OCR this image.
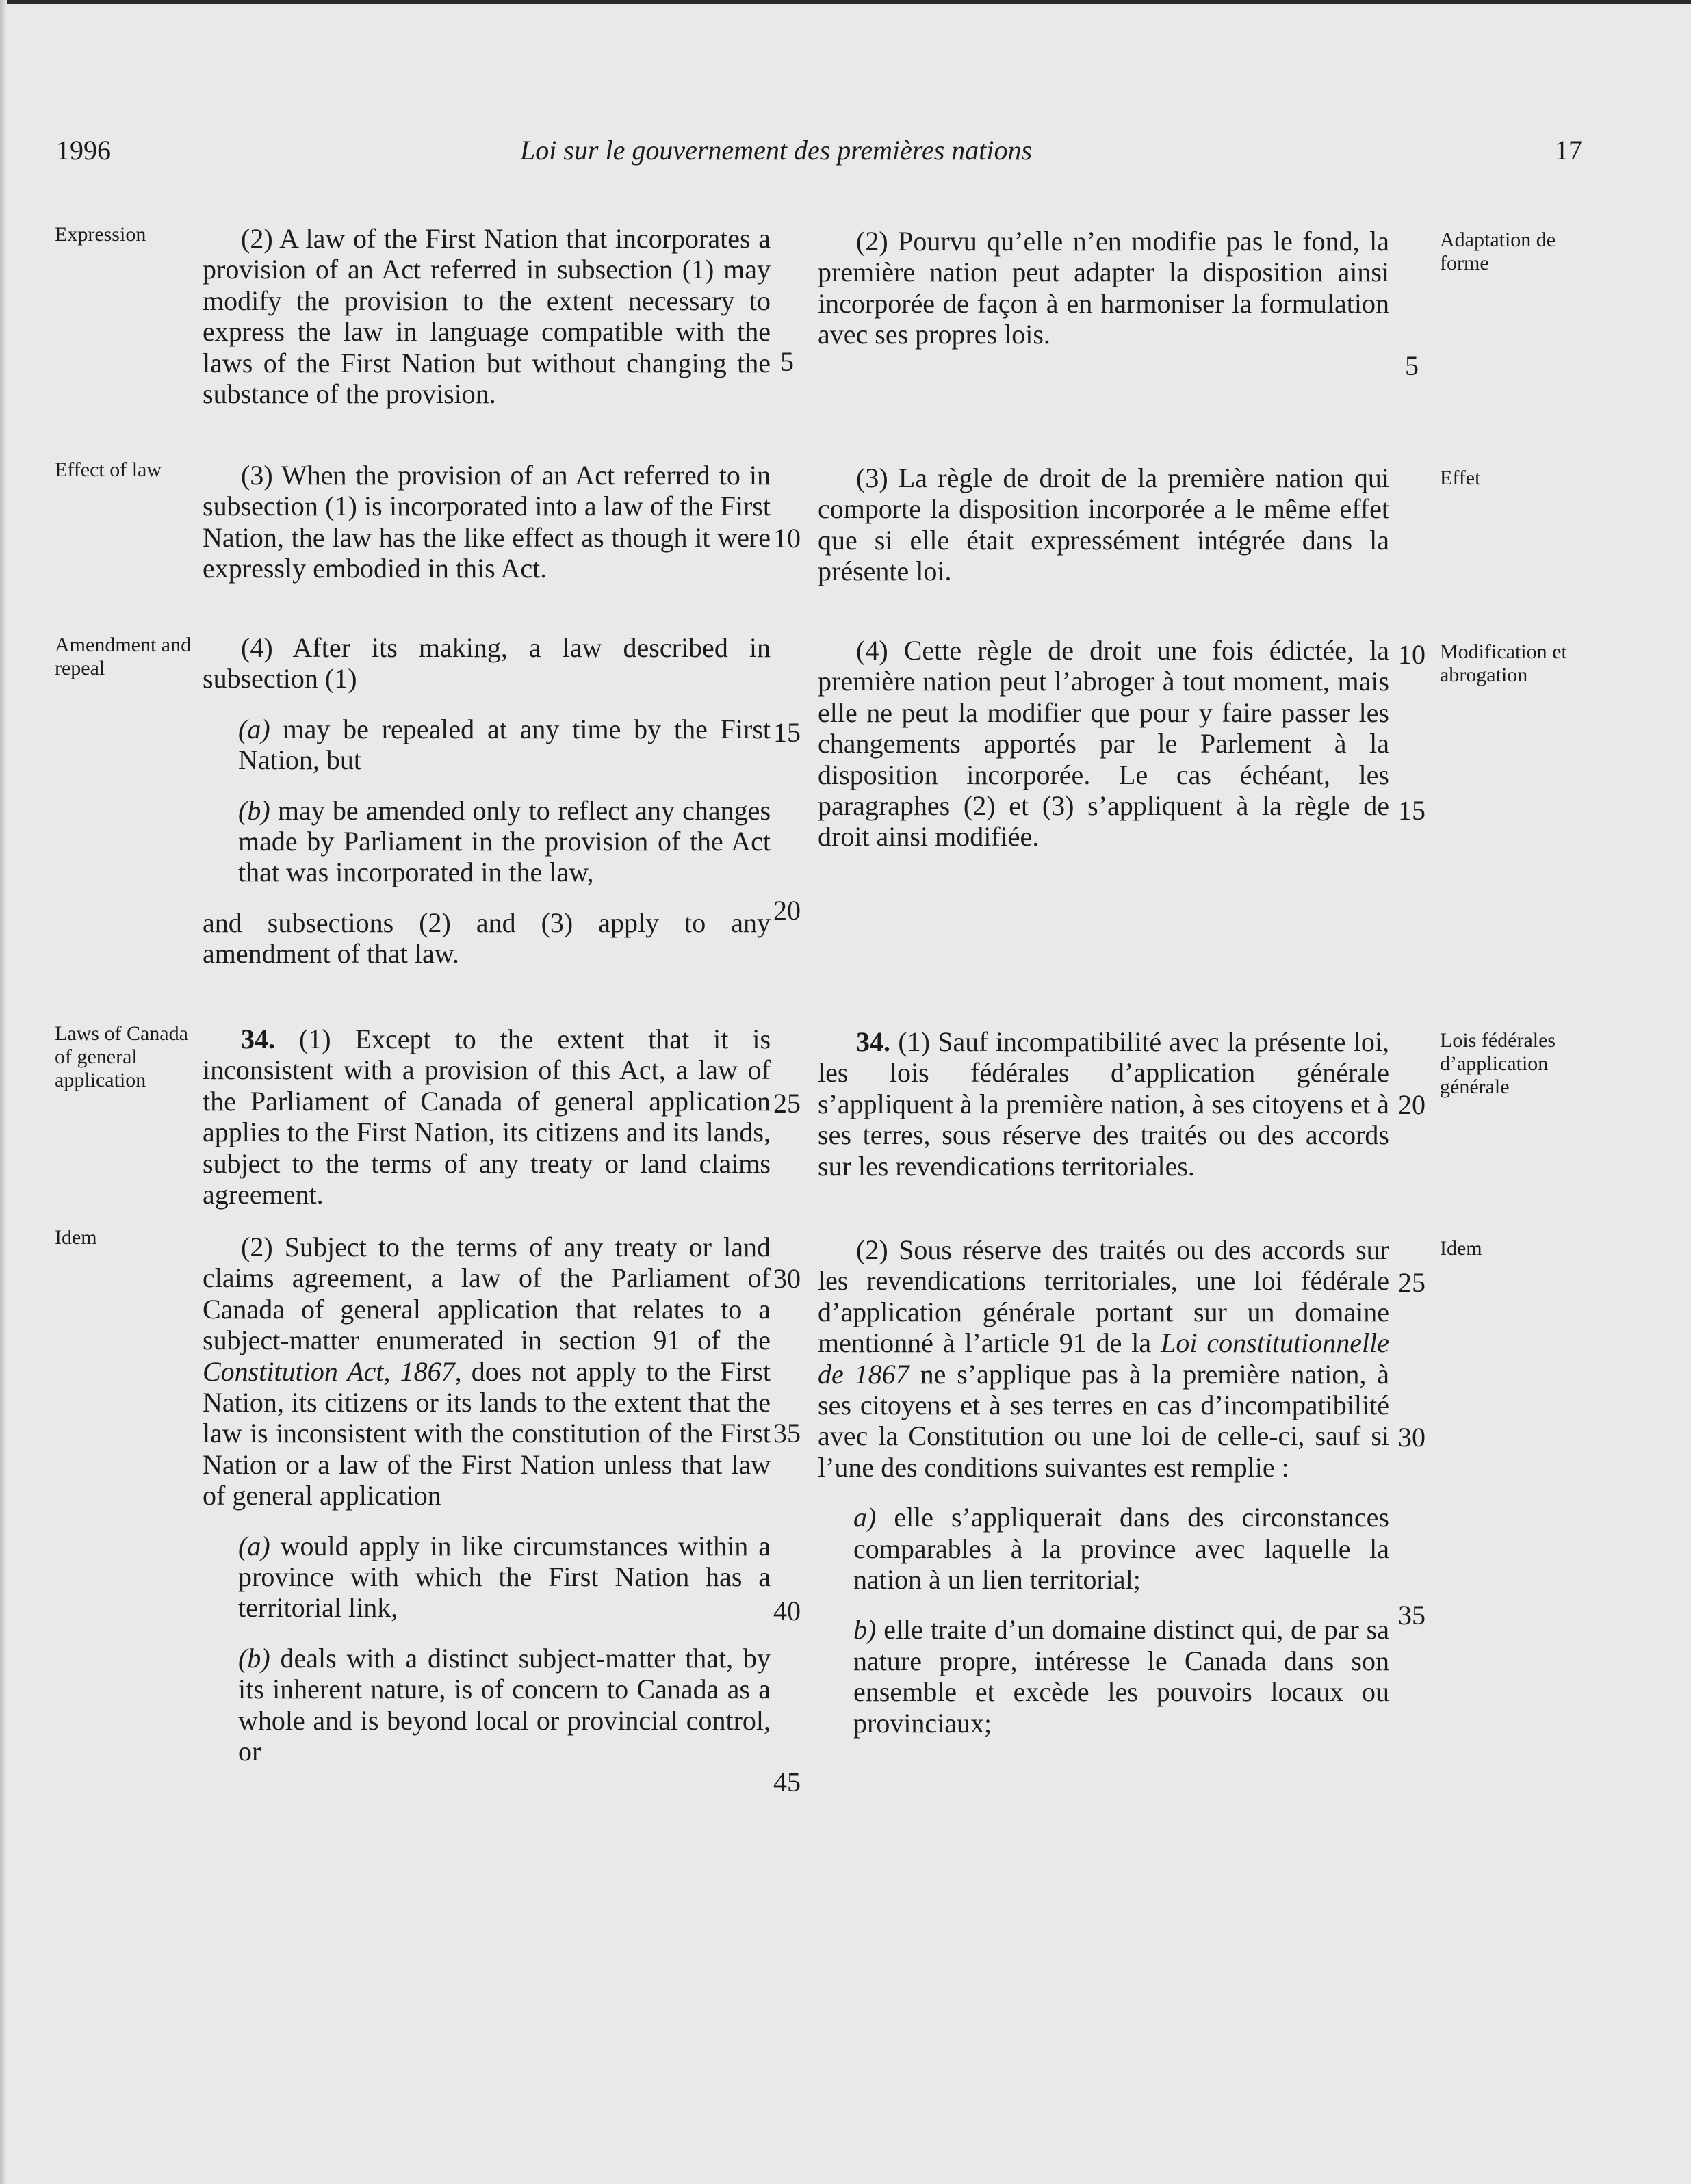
1996	Loi sur le gouvernement des premières nations	17
Expression	(2) A law of the First Nation that incorporates a provision of an Act referred in subsection (1) may modify the provision to the extent necessary to express the law in language compatible with the laws of the First Nation but without changing the substance of the provision.
(2) Pourvu qu’elle n’en modifie pas le fond, la première nation peut adapter la disposition ainsi incorporée de façon à en harmoniser la formulation avec ses propres lois.
Adaptation de forme
Effect of law	(3) When the provision of an Act referred to in subsection (1) is incorporated into a law of the First Nation, the law has the like effect as though it were expressly embodied in this Act.
(3) La règle de droit de la première nation qui comporte la disposition incorporée a le même effet que si elle était expressément intégrée dans la présente loi.
Effet
Amendment and repeal
(4) After its making, a law described in subsection (1)
(a) may be repealed at any time by the First Nation, but
(b) may be amended only to reflect any changes made by Parliament in the provision of the Act that was incorporated in the law,
and subsections (2) and (3) apply to any amendment of that law.
(4) Cette règle de droit une fois édictée, la première nation peut l’abroger à tout moment, mais elle ne peut la modifier que pour y faire passer les changements apportés par le Parlement à la disposition incorporée. Le cas échéant, les paragraphes (2) et (3) s’appliquent à la règle de droit ainsi modifiée.
Modification et abrogation
Laws of Canada of general application
34. (1) Except to the extent that it is inconsistent with a provision of this Act, a law of the Parliament of Canada of general application applies to the First Nation, its citizens and its lands, subject to the terms of any treaty or land claims agreement.
34. (1) Sauf incompatibilité avec la présente loi, les lois fédérales d’application générale s’appliquent à la première nation, à ses citoyens et à ses terres, sous réserve des traités ou des accords sur les revendications territoriales.
Lois fédérales d’application générale
Idem	(2) Subject to the terms of any treaty or land claims agreement, a law of the Parliament of Canada of general application that relates to a subject-matter enumerated in section 91 of the Constitution Act, 1867, does not apply to the First Nation, its citizens or its lands to the extent that the law is inconsistent with the constitution of the First Nation or a law of the First Nation unless that law of general application
(a) would apply in like circumstances within a province with which the First Nation has a territorial link,
(b) deals with a distinct subject-matter that, by its inherent nature, is of concern to Canada as a whole and is beyond local or provincial control, or
(2) Sous réserve des traités ou des accords sur les revendications territoriales, une loi fédérale d’application générale portant sur un domaine mentionné à l’article 91 de la Loi constitutionnelle de 1867 ne s’applique pas à la première nation, à ses citoyens et à ses terres en cas d’incompatibilité avec la Constitution ou une loi de celle-ci, sauf si l’une des conditions suivantes est remplie :
a) elle s’appliquerait dans des circonstances comparables à la province avec laquelle la nation à un lien territorial;
b) elle traite d’un domaine distinct qui, de par sa nature propre, intéresse le Canada dans son ensemble et excède les pouvoirs locaux ou provinciaux;
Idem
5
10
15
20
25
30
35
40
45
5
10
15
20
25
30
35
